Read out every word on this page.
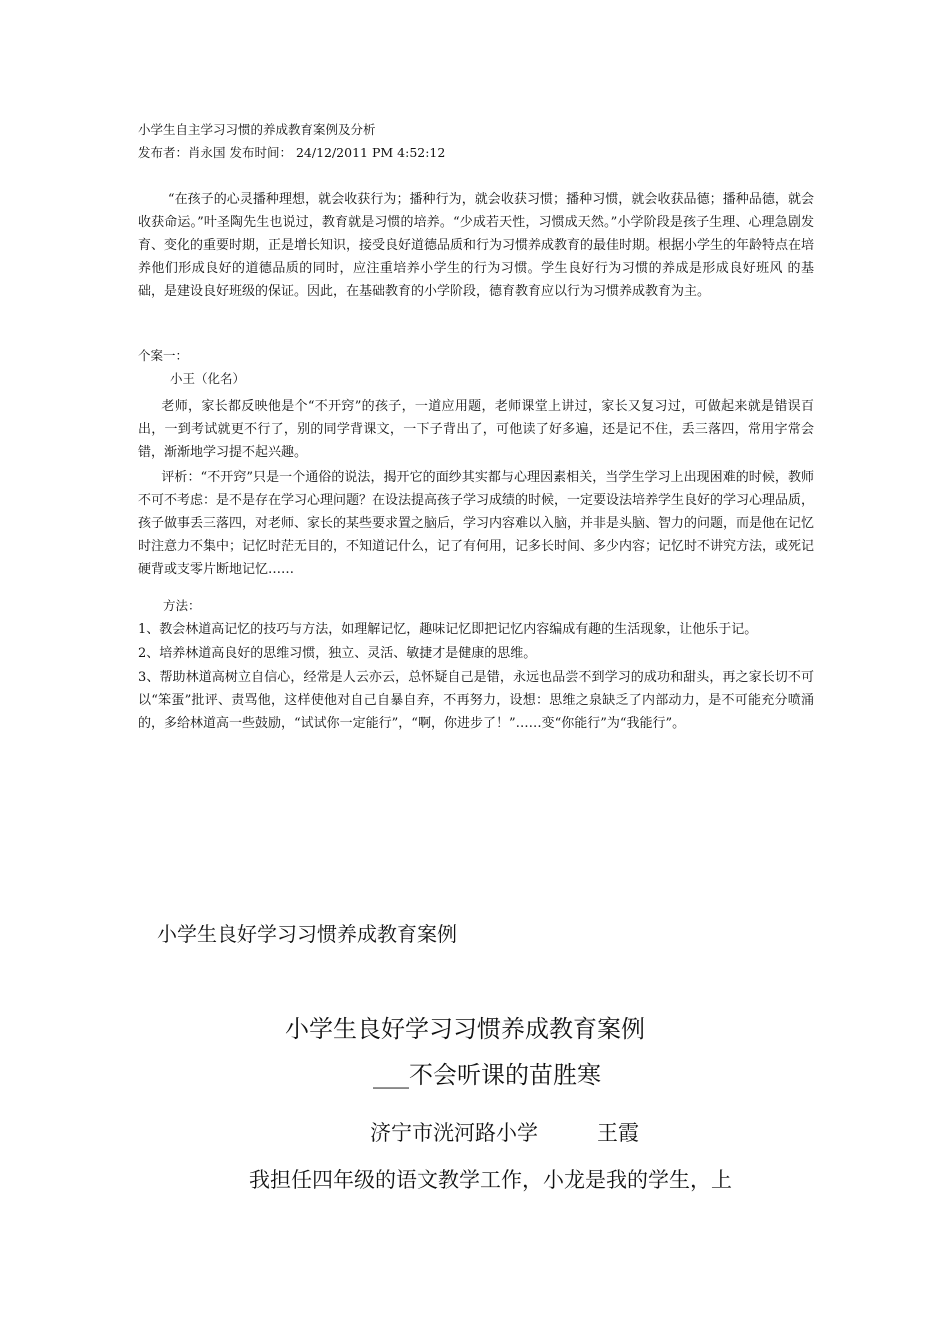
小学生自主学习习惯的养成教育案例及分析

发布者：肖永国 发布时间： 24/12/2011 PM 4:52:12

“在孩子的心灵播种理想，就会收获行为；播种行为，就会收获习惯；播种习惯，就会收获品德；播种品德，就会收获命运。”叶圣陶先生也说过，教育就是习惯的培养。“少成若天性，习惯成天然。”小学阶段是孩子生理、心理急剧发育、变化的重要时期，正是增长知识，接受良好道德品质和行为习惯养成教育的最佳时期。根据小学生的年龄特点在培养他们形成良好的道德品质的同时，应注重培养小学生的行为习惯。学生良好行为习惯的养成是形成良好班风 的基础，是建设良好班级的保证。因此，在基础教育的小学阶段，德育教育应以行为习惯养成教育为主。

个案一：

小王（化名）

老师，家长都反映他是个“不开窍”的孩子，一道应用题，老师课堂上讲过，家长又复习过，可做起来就是错误百出，一到考试就更不行了，别的同学背课文，一下子背出了，可他读了好多遍，还是记不住，丢三落四，常用字常会错，渐渐地学习提不起兴趣。

评析：“不开窍”只是一个通俗的说法，揭开它的面纱其实都与心理因素相关，当学生学习上出现困难的时候，教师不可不考虑：是不是存在学习心理问题？在设法提高孩子学习成绩的时候，一定要设法培养学生良好的学习心理品质，孩子做事丢三落四，对老师、家长的某些要求置之脑后，学习内容难以入脑，并非是头脑、智力的问题，而是他在记忆时注意力不集中；记忆时茫无目的，不知道记什么，记了有何用，记多长时间、多少内容；记忆时不讲究方法，或死记硬背或支零片断地记忆……

方法：

1、教会林道高记忆的技巧与方法，如理解记忆，趣味记忆即把记忆内容编成有趣的生活现象，让他乐于记。

2、培养林道高良好的思维习惯，独立、灵活、敏捷才是健康的思维。

3、帮助林道高树立自信心，经常是人云亦云，总怀疑自己是错，永远也品尝不到学习的成功和甜头，再之家长切不可以“笨蛋”批评、责骂他，这样使他对自己自暴自弃，不再努力，设想：思维之泉缺乏了内部动力，是不可能充分喷涌的，多给林道高一些鼓励，“试试你一定能行”，“啊，你进步了！”……变“你能行”为“我能行”。

小学生良好学习习惯养成教育案例

小学生良好学习习惯养成教育案例

___不会听课的苗胜寒

济宁市洸河路小学	王霞

我担任四年级的语文教学工作，小龙是我的学生，上
